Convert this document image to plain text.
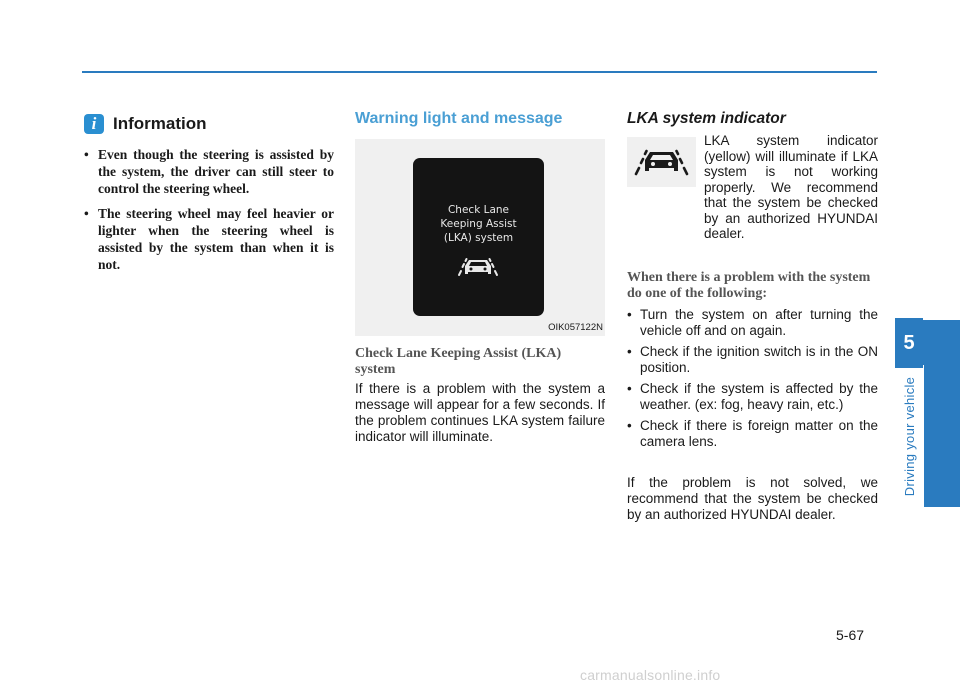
i Information
• Even though the steering is assisted by the system, the driver can still steer to control the steering wheel.
• The steering wheel may feel heavier or lighter when the steering wheel is assisted by the system than when it is not.
Warning light and message
Check Lane
Keeping Assist
(LKA) system
OIK057122N
Check Lane Keeping Assist (LKA) system
If there is a problem with the system a message will appear for a few seconds. If the problem continues LKA system failure indicator will illuminate.
LKA system indicator
LKA system indicator (yellow) will illuminate if LKA system is not working properly. We recommend that the system be checked by an authorized HYUNDAI dealer.
When there is a problem with the system do one of the following:
• Turn the system on after turning the vehicle off and on again.
• Check if the ignition switch is in the ON position.
• Check if the system is affected by the weather. (ex: fog, heavy rain, etc.)
• Check if there is foreign matter on the camera lens.
If the problem is not solved, we recommend that the system be checked by an authorized HYUNDAI dealer.
5
Driving your vehicle
5-67
carmanualsonline.info
